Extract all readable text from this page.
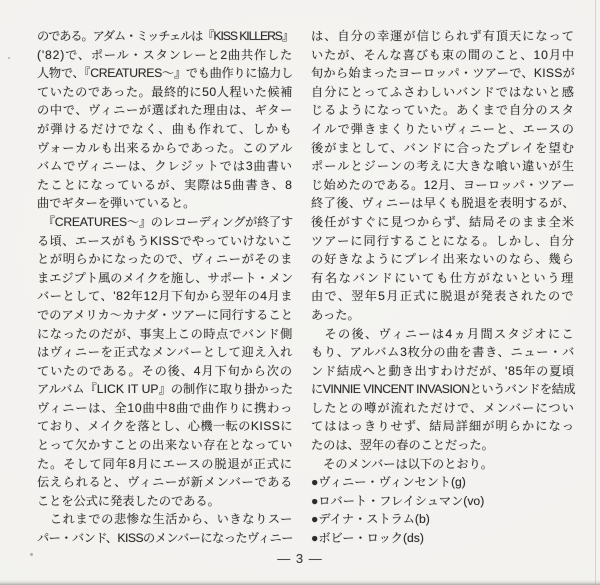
のである。アダム・ミッチェルは『KISS KILLERS』
('82)で、ポール・スタンレーと2曲共作した
人物で、『CREATURES〜』でも曲作りに協力し
ていたのであった。最終的に50人程いた候補
の中で、ヴィニーが選ばれた理由は、ギター
が弾けるだけでなく、曲も作れて、しかも
ヴォーカルも出来るからであった。このアル
バムでヴィニーは、クレジットでは3曲書い
たことになっているが、実際は5曲書き、8
曲でギターを弾いていると。
　『CREATURES〜』のレコーディングが終了す
る頃、エースがもうKISSでやっていけないこ
とが明らかになったので、ヴィニーがそのま
まエジプト風のメイクを施し、サポート・メン
バーとして、'82年12月下旬から翌年の4月ま
でのアメリカ〜カナダ・ツアーに同行すること
になったのだが、事実上この時点でバンド側
はヴィニーを正式なメンバーとして迎え入れ
ていたのである。その後、4月下旬から次の
アルバム『LICK IT UP』の制作に取り掛かった
ヴィニーは、全10曲中8曲で曲作りに携わっ
ており、メイクを落とし、心機一転のKISSに
とって欠かすことの出来ない存在となってい
た。そして同年8月にエースの脱退が正式に
伝えられると、ヴィニーが新メンバーである
ことを公式に発表したのである。
　これまでの悲惨な生活から、いきなりスー
パー・バンド、KISSのメンバーになったヴィニー
は、自分の幸運が信じられず有頂天になって
いたが、そんな喜びも束の間のこと、10月中
旬から始まったヨーロッパ・ツアーで、KISSが
自分にとってふさわしいバンドではないと感
じるようになっていた。あくまで自分のスタ
イルで弾きまくりたいヴィニーと、エースの
後がまとして、バンドに合ったプレイを望む
ポールとジーンの考えに大きな喰い違いが生
じ始めたのである。12月、ヨーロッパ・ツアー
終了後、ヴィニーは早くも脱退を表明するが、
後任がすぐに見つからず、結局そのまま全米
ツアーに同行することになる。しかし、自分
の好きなようにプレイ出来ないのなら、幾ら
有名なバンドにいても仕方がないという理
由で、翌年5月正式に脱退が発表されたので
あった。
　その後、ヴィニーは4ヵ月間スタジオにこ
もり、アルバム3枚分の曲を書き、ニュー・バ
ンド結成へと動き出すわけだが、'85年の夏頃
にVINNIE VINCENT INVASIONというバンドを結成
したとの噂が流れただけで、メンバーについ
てははっきりせず、結局詳細が明らかになっ
たのは、翌年の春のことだった。
　そのメンバーは以下のとおり。
●ヴィニー・ヴィンセント(g)
●ロバート・フレイシュマン(vo)
●デイナ・ストラム(b)
●ボビー・ロック(ds)
― 3 ―
